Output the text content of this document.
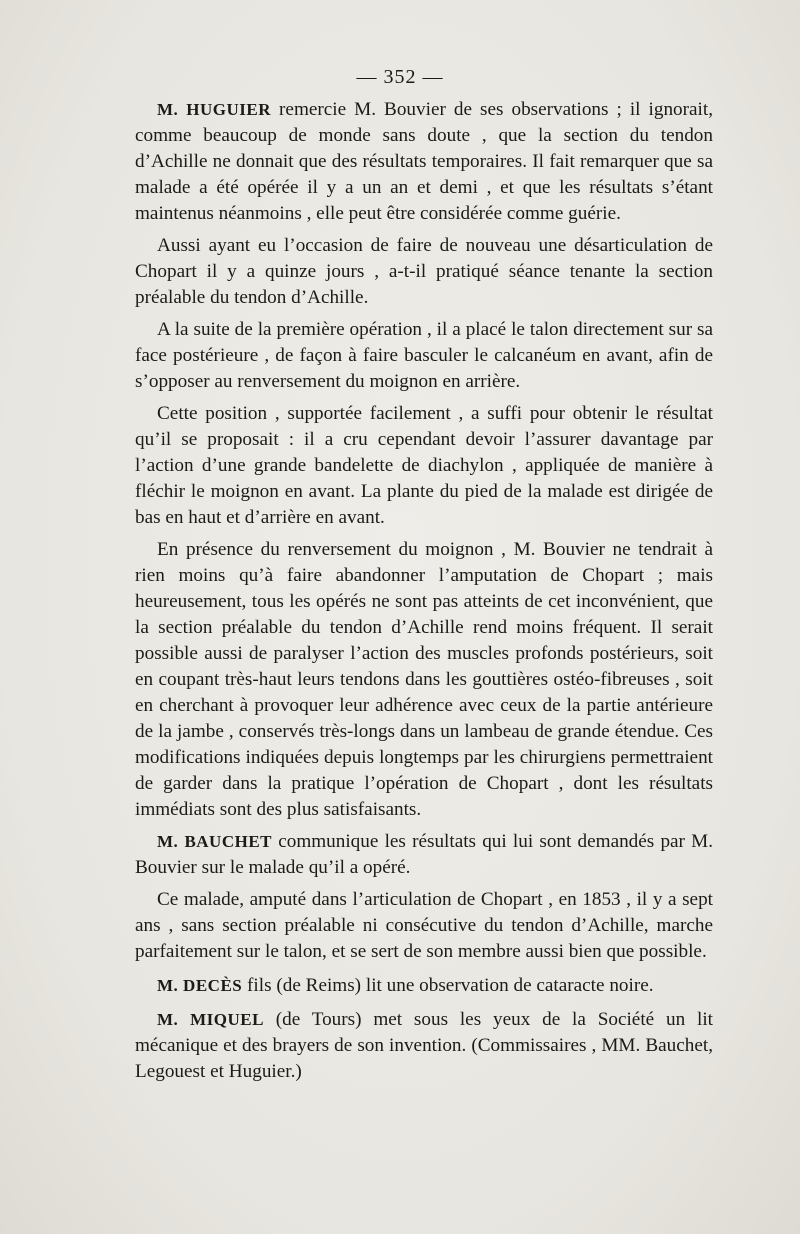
— 352 —

M. HUGUIER remercie M. Bouvier de ses observations ; il ignorait, comme beaucoup de monde sans doute , que la section du tendon d’Achille ne donnait que des résultats temporaires. Il fait remarquer que sa malade a été opérée il y a un an et demi , et que les résultats s’étant maintenus néanmoins , elle peut être considérée comme guérie.

Aussi ayant eu l’occasion de faire de nouveau une désarticulation de Chopart il y a quinze jours , a-t-il pratiqué séance tenante la section préalable du tendon d’Achille.

A la suite de la première opération , il a placé le talon directement sur sa face postérieure , de façon à faire basculer le calcanéum en avant, afin de s’opposer au renversement du moignon en arrière.

Cette position , supportée facilement , a suffi pour obtenir le résultat qu’il se proposait : il a cru cependant devoir l’assurer davantage par l’action d’une grande bandelette de diachylon , appliquée de manière à fléchir le moignon en avant. La plante du pied de la malade est dirigée de bas en haut et d’arrière en avant.

En présence du renversement du moignon , M. Bouvier ne tendrait à rien moins qu’à faire abandonner l’amputation de Chopart ; mais heureusement, tous les opérés ne sont pas atteints de cet inconvénient, que la section préalable du tendon d’Achille rend moins fréquent. Il serait possible aussi de paralyser l’action des muscles profonds postérieurs, soit en coupant très-haut leurs tendons dans les gouttières ostéo-fibreuses , soit en cherchant à provoquer leur adhérence avec ceux de la partie antérieure de la jambe , conservés très-longs dans un lambeau de grande étendue. Ces modifications indiquées depuis longtemps par les chirurgiens permettraient de garder dans la pratique l’opération de Chopart , dont les résultats immédiats sont des plus satisfaisants.

M. BAUCHET communique les résultats qui lui sont demandés par M. Bouvier sur le malade qu’il a opéré.

Ce malade, amputé dans l’articulation de Chopart , en 1853 , il y a sept ans , sans section préalable ni consécutive du tendon d’Achille, marche parfaitement sur le talon, et se sert de son membre aussi bien que possible.

M. DECÈS fils (de Reims) lit une observation de cataracte noire.

M. MIQUEL (de Tours) met sous les yeux de la Société un lit mécanique et des brayers de son invention. (Commissaires , MM. Bauchet, Legouest et Huguier.)
